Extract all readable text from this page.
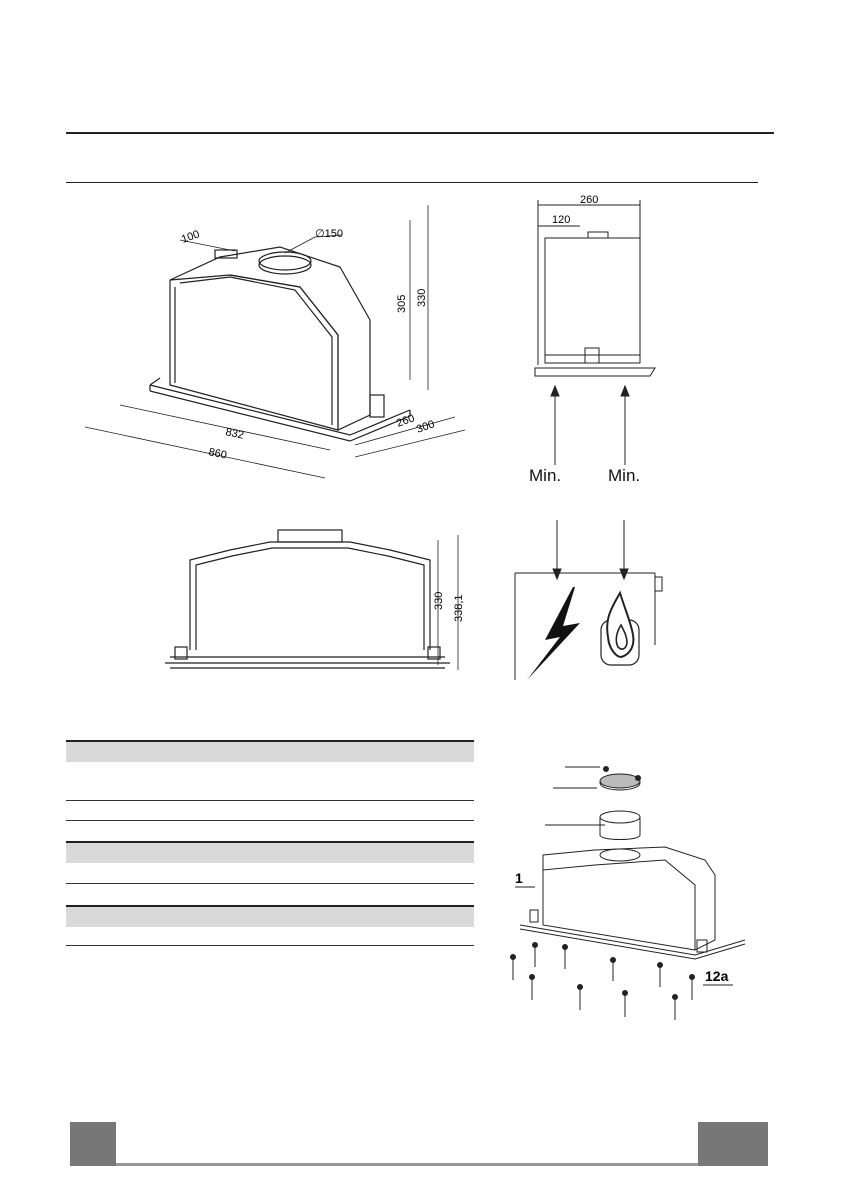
100	∅150
305 330
832
860
260
300
260
120
Min.	Min.
330 338,1
1
12a
